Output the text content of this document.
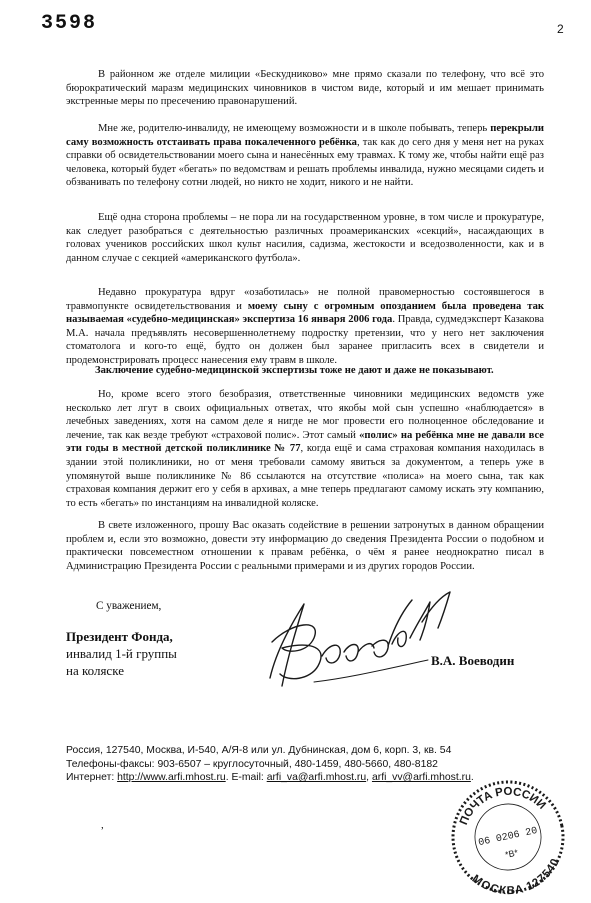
3598	2
В районном же отделе милиции «Бескудниково» мне прямо сказали по телефону, что всё это бюрократический маразм медицинских чиновников в чистом виде, который и им мешает принимать экстренные меры по пресечению правонарушений.
Мне же, родителю-инвалиду, не имеющему возможности и в школе побывать, теперь перекрыли саму возможность отстаивать права покалеченного ребёнка, так как до сего дня у меня нет на руках справки об освидетельствовании моего сына и нанесённых ему травмах. К тому же, чтобы найти ещё раз человека, который будет «бегать» по ведомствам и решать проблемы инвалида, нужно месяцами сидеть и обзванивать по телефону сотни людей, но никто не ходит, никого и не найти.
Ещё одна сторона проблемы – не пора ли на государственном уровне, в том числе и прокуратуре, как следует разобраться с деятельностью различных проамериканских «секций», насаждающих в головах учеников российских школ культ насилия, садизма, жестокости и вседозволенности, как и в данном случае с секцией «американского футбола».
Недавно прокуратура вдруг «озаботилась» не полной правомерностью состоявшегося в травмопункте освидетельствования и моему сыну с огромным опозданием была проведена так называемая «судебно-медицинская» экспертиза 16 января 2006 года. Правда, судмедэксперт Казакова М.А. начала предъявлять несовершеннолетнему подростку претензии, что у него нет заключения стоматолога и кого-то ещё, будто он должен был заранее пригласить всех в свидетели и продемонстрировать процесс нанесения ему травм в школе.
Заключение судебно-медицинской экспертизы тоже не дают и даже не показывают.
Но, кроме всего этого безобразия, ответственные чиновники медицинских ведомств уже несколько лет лгут в своих официальных ответах, что якобы мой сын успешно «наблюдается» в лечебных заведениях, хотя на самом деле я нигде не мог провести его полноценное обследование и лечение, так как везде требуют «страховой полис». Этот самый «полис» на ребёнка мне не давали все эти годы в местной детской поликлинике № 77, когда ещё и сама страховая компания находилась в здании этой поликлиники, но от меня требовали самому явиться за документом, а теперь уже в упомянутой выше поликлинике № 86 ссылаются на отсутствие «полиса» на моего сына, так как страховая компания держит его у себя в архивах, а мне теперь предлагают самому искать эту компанию, то есть «бегать» по инстанциям на инвалидной коляске.
В свете изложенного, прошу Вас оказать содействие в решении затронутых в данном обращении проблем и, если это возможно, довести эту информацию до сведения Президента России о подобном и практически повсеместном отношении к правам ребёнка, о чём я ранее неоднократно писал в Администрацию Президента России с реальными примерами и из других городов России.
С уважением,
Президент Фонда,
инвалид 1-й группы
на коляске
В.А. Воеводин
Россия, 127540, Москва, И-540, А/Я-8 или ул. Дубнинская, дом 6, корп. 3, кв. 54
Телефоны-факсы: 903-6507 – круглосуточный, 480-1459, 480-5660, 480-8182
Интернет: http://www.arfi.mhost.ru. E-mail: arfi_va@arfi.mhost.ru, arfi_vv@arfi.mhost.ru.
,	ПОЧТА РОССИИ
МОСКВА 127540
06 0206 20
*В*
